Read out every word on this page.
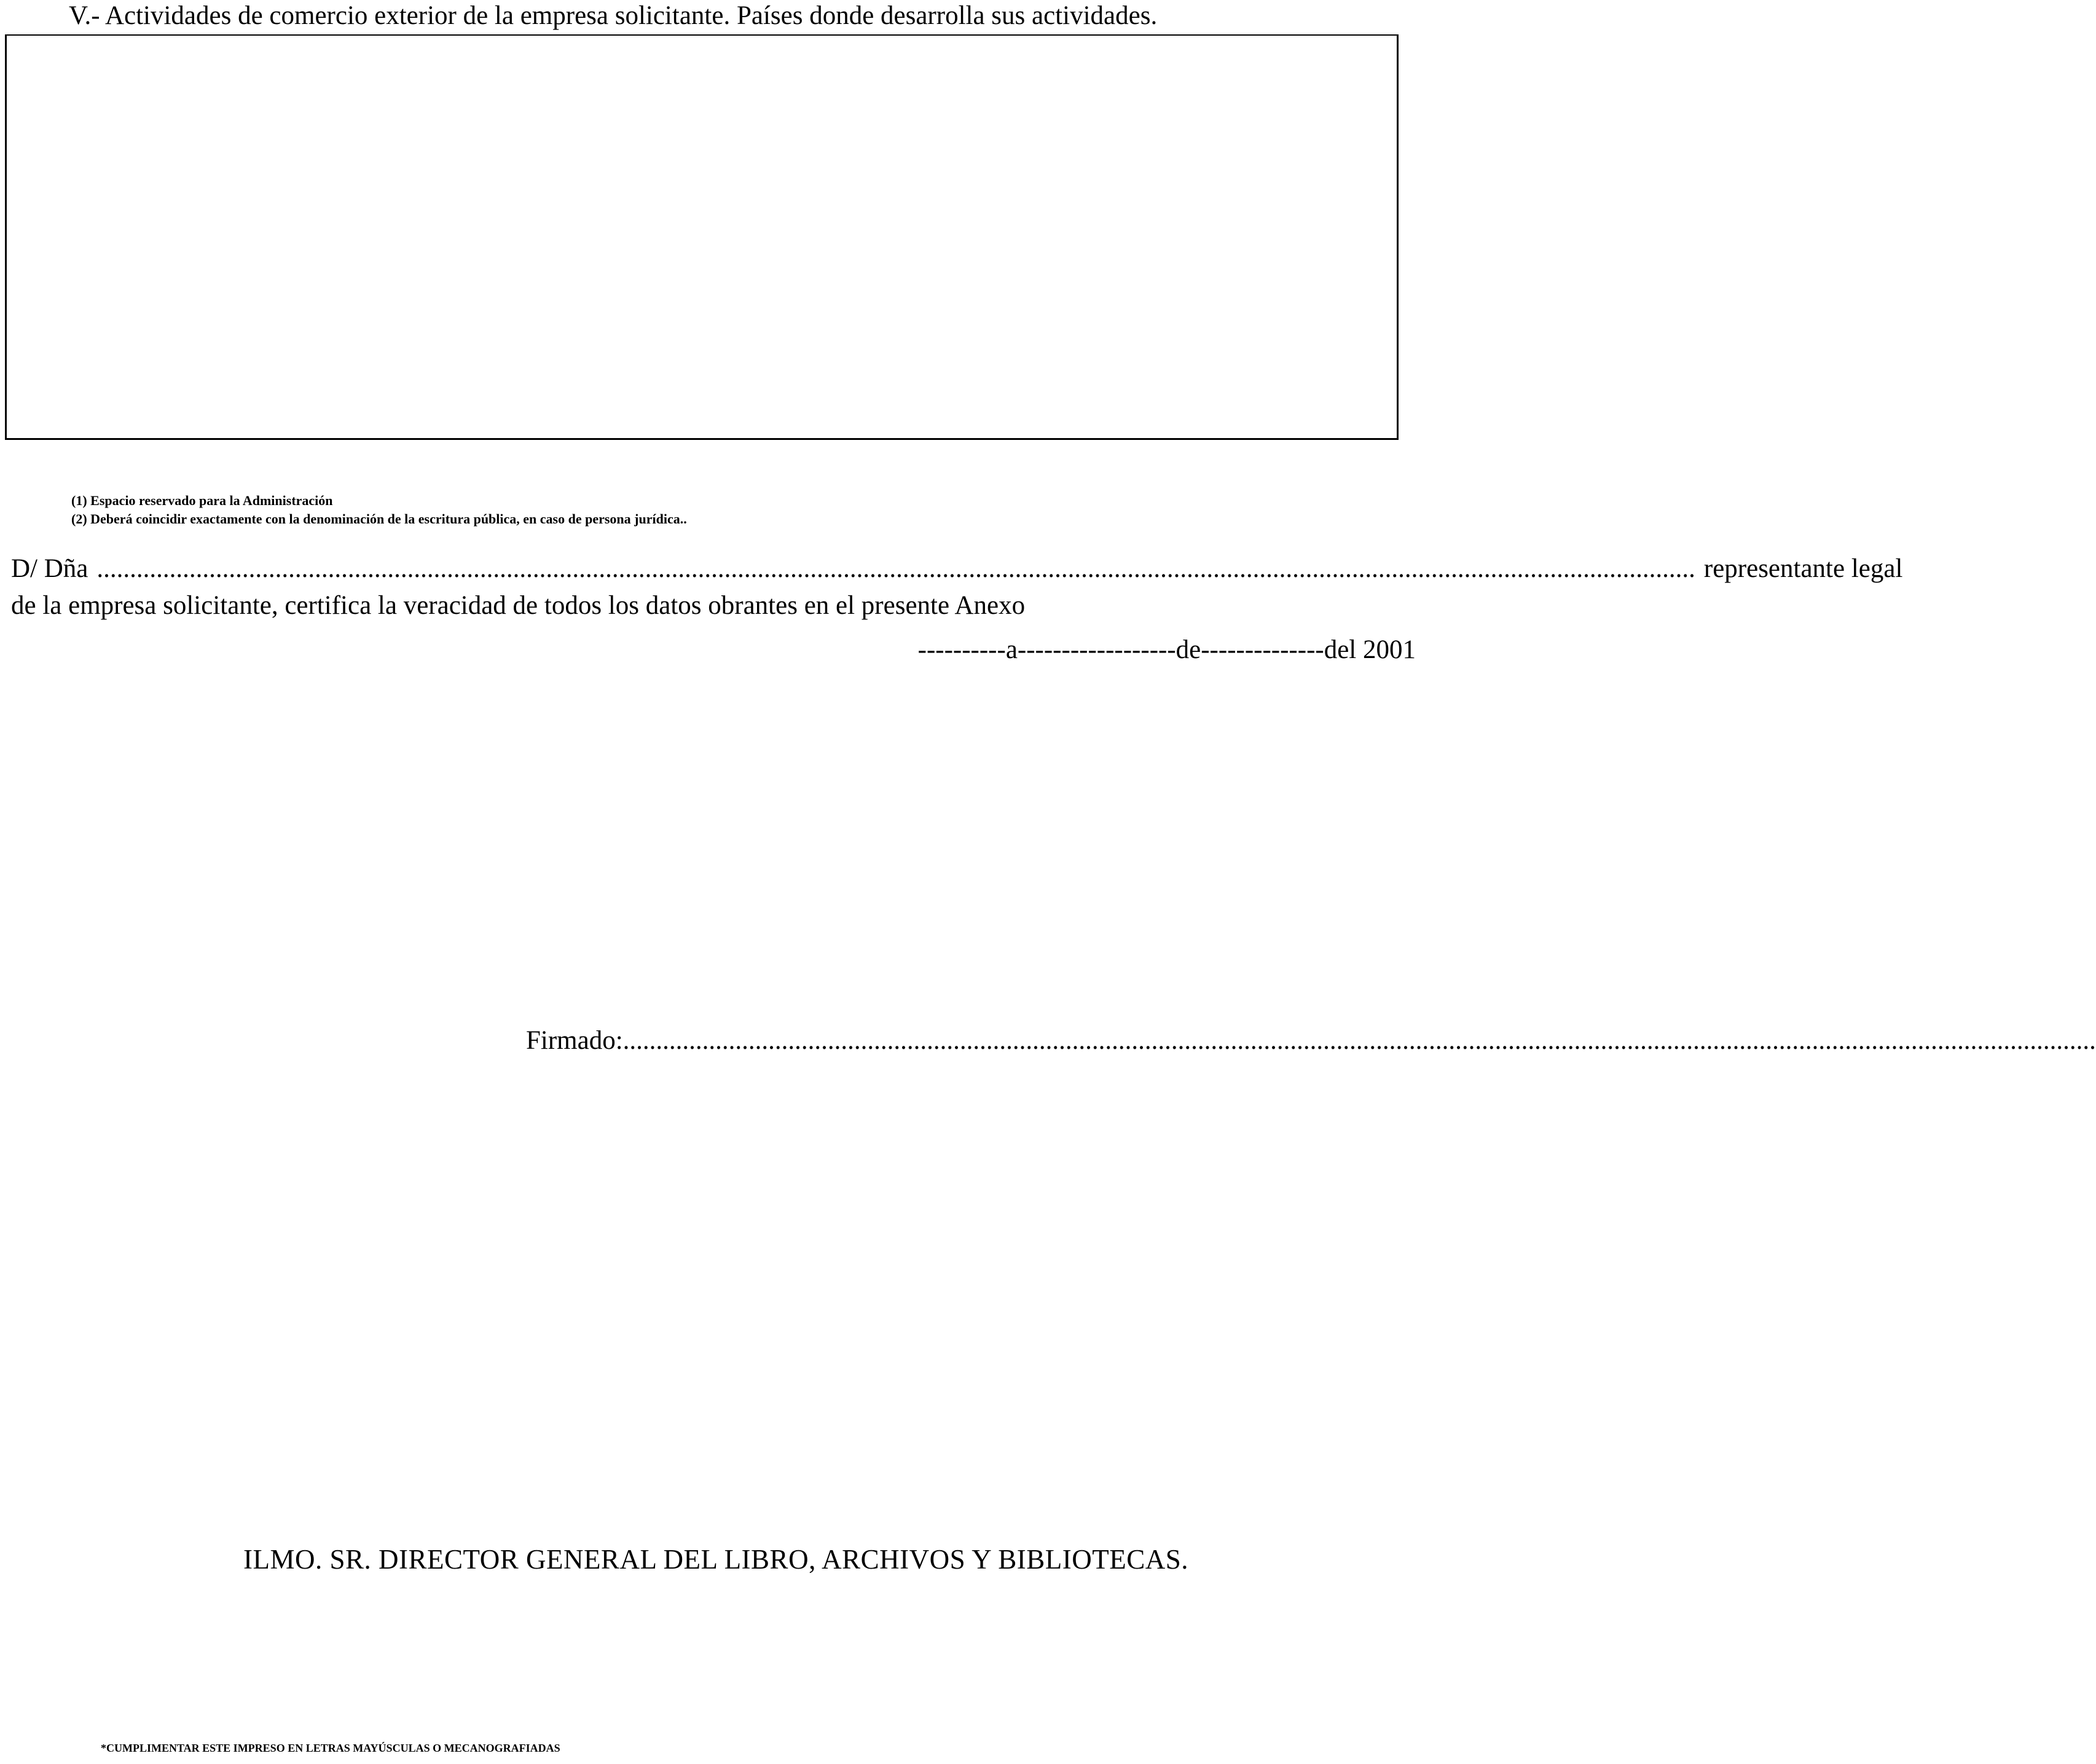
V.- Actividades de comercio exterior de la empresa solicitante. Países donde desarrolla sus actividades.
(1) Espacio reservado para la Administración
(2) Deberá coincidir exactamente con la denominación de la escritura pública, en caso de persona jurídica..
D/ Dña .................................................................................................................................................................................................................................................. representante legal
de la empresa solicitante, certifica la veracidad de todos los datos obrantes en el presente Anexo
----------a------------------de--------------del 2001
Firmado: ...............................................................................................................................................................................................................................
ILMO. SR. DIRECTOR GENERAL DEL LIBRO, ARCHIVOS Y BIBLIOTECAS.
*CUMPLIMENTAR ESTE IMPRESO EN LETRAS MAYÚSCULAS O MECANOGRAFIADAS
